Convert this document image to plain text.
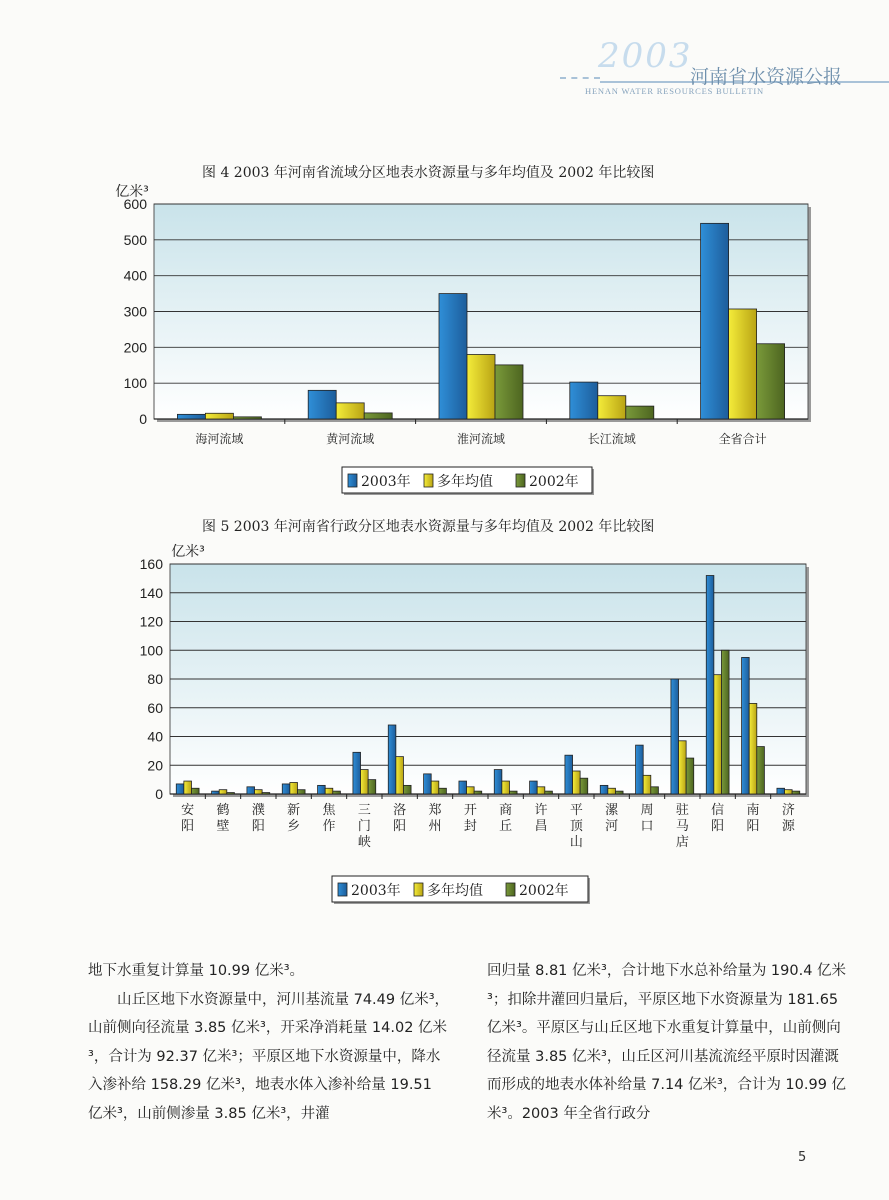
2003
河南省水资源公报
HENAN WATER RESOURCES BULLETIN
图 4 2003 年河南省流域分区地表水资源量与多年均值及 2002 年比较图
图 5 2003 年河南省行政分区地表水资源量与多年均值及 2002 年比较图
0
100
200
300
400
500
600
亿米³
海河流域	黄河流域	淮河流域	长江流域	全省合计
2003年 多年均值	2002年
0
20
40
60
80
100
120
140
160
亿米³
安阳
鹤壁
濮阳
新乡
焦作
三门峡
洛阳
郑州
开封
商丘
许昌
平顶山
漯河
周口
驻马店
信阳
南阳
济源
2003年 多年均值	2002年

地下水重复计算量 10.99 亿米³。

山丘区地下水资源量中，河川基流量 74.49 亿米³，山前侧向径流量 3.85 亿米³，开采净消耗量 14.02 亿米³，合计为 92.37 亿米³；平原区地下水资源量中，降水入渗补给 158.29 亿米³，地表水体入渗补给量 19.51 亿米³，山前侧渗量 3.85 亿米³，井灌

回归量 8.81 亿米³，合计地下水总补给量为 190.4 亿米³；扣除井灌回归量后，平原区地下水资源量为 181.65 亿米³。平原区与山丘区地下水重复计算量中，山前侧向径流量 3.85 亿米³，山丘区河川基流流经平原时因灌溉而形成的地表水体补给量 7.14 亿米³，合计为 10.99 亿米³。2003 年全省行政分

5
